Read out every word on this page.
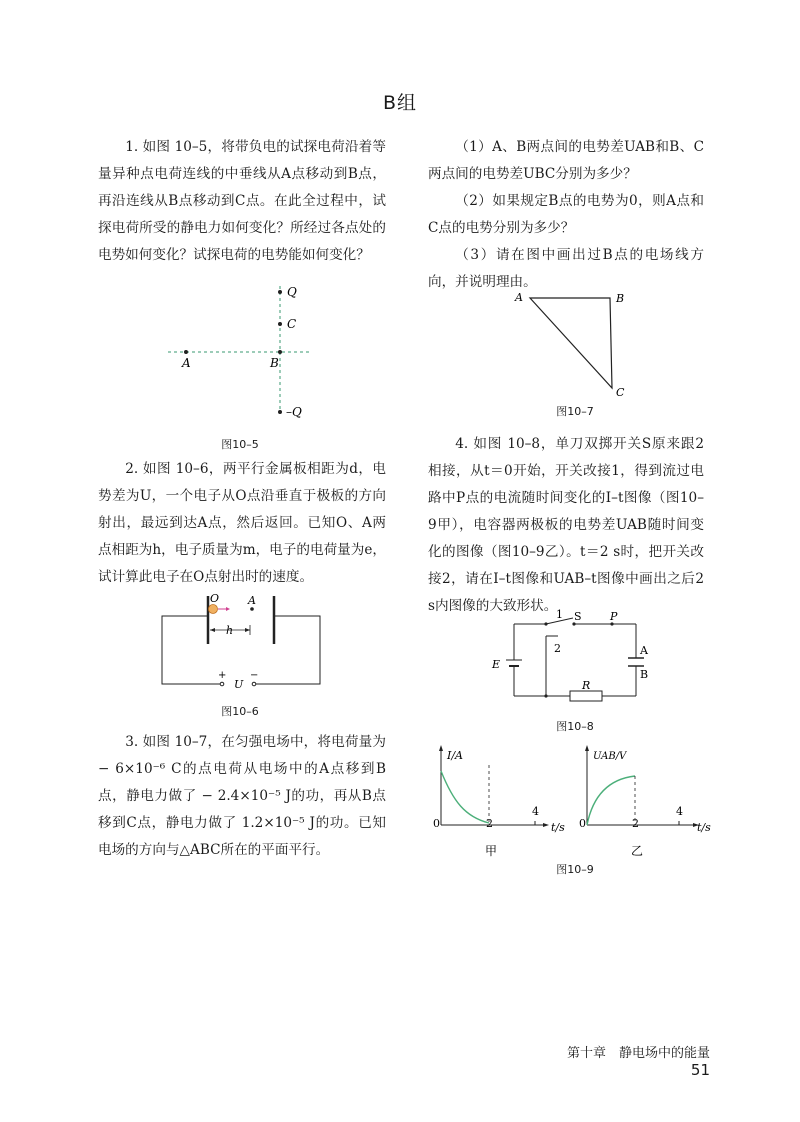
B组

1. 如图 10–5，将带负电的试探电荷沿着等量异种点电荷连线的中垂线从A点移动到B点，再沿连线从B点移动到C点。在此全过程中，试探电荷所受的静电力如何变化？所经过各点处的电势如何变化？试探电荷的电势能如何变化？

Q
C
A	B
–Q
图10–5

2. 如图 10–6，两平行金属板相距为d，电势差为U，一个电子从O点沿垂直于极板的方向射出，最远到达A点，然后返回。已知O、A两点相距为h，电子质量为m，电子的电荷量为e，试计算此电子在O点射出时的速度。

O	A
h
+ −
U
图10–6

3. 如图 10–7，在匀强电场中，将电荷量为 − 6×10⁻⁶ C的点电荷从电场中的A点移到B点，静电力做了 − 2.4×10⁻⁵ J的功，再从B点移到C点，静电力做了 1.2×10⁻⁵ J的功。已知电场的方向与△ABC所在的平面平行。

（1）A、B两点间的电势差UAB和B、C两点间的电势差UBC分别为多少？

（2）如果规定B点的电势为0，则A点和C点的电势分别为多少？

（3）请在图中画出过B点的电场线方向，并说明理由。

A	B
C
图10–7

4. 如图 10–8，单刀双掷开关S原来跟2相接，从t＝0开始，开关改接1，得到流过电路中P点的电流随时间变化的I–t图像（图10–9甲），电容器两极板的电势差UAB随时间变化的图像（图10–9乙）。t＝2 s时，把开关改接2，请在I–t图像和UAB–t图像中画出之后2 s内图像的大致形状。

1
2
S	P
E
R
A
B
图10–8
I/A
0	2
4
t/s
甲
UAB/V
0	2
4
t/s
乙
图10–9
第十章　静电场中的能量51
